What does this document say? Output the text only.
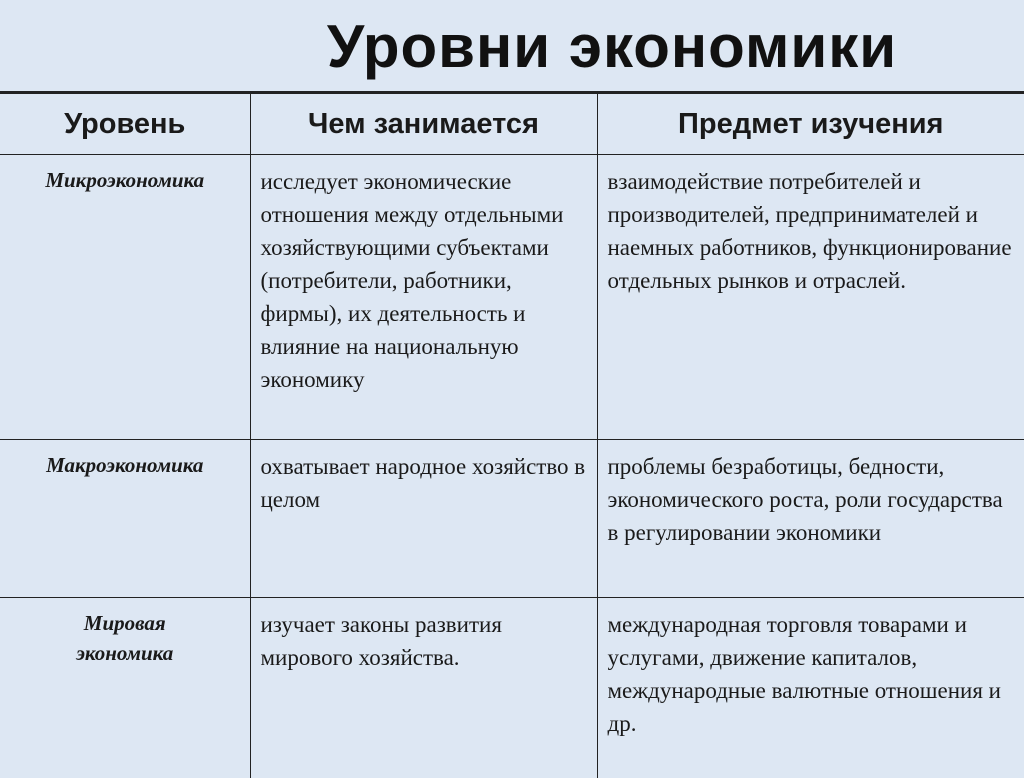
Уровни экономики
Уровень	Чем занимается	Предмет изучения
Микроэкономика	исследует экономические отношения между отдельными хозяйствующими субъектами (потребители, работники, фирмы), их деятельность и влияние на национальную экономику	взаимодействие потребителей и производителей, предпринимателей и наемных работников, функционирование отдельных рынков и отраслей.
Макроэкономика	охватывает народное хозяйство в целом	проблемы безработицы, бедности, экономического роста, роли государства в регулировании экономики
Мировая экономика	изучает законы развития мирового хозяйства.	международная торговля товарами и услугами, движение капиталов, международные валютные отношения и др.
